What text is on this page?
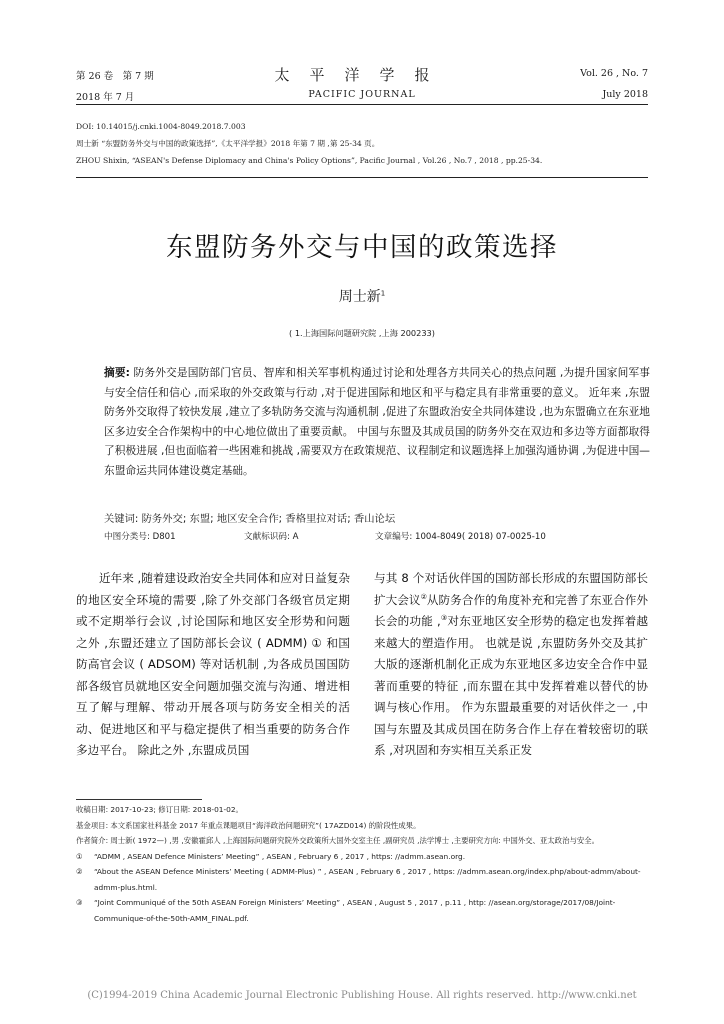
第 26 卷　第 7 期	太平洋学报	Vol. 26 , No. 7
2018 年 7 月	PACIFIC JOURNAL	July 2018
DOI: 10.14015/j.cnki.1004-8049.2018.7.003
周士新 “东盟防务外交与中国的政策选择”,《太平洋学报》2018 年第 7 期 ,第 25-34 页。
ZHOU Shixin, “ASEAN's Defense Diplomacy and China's Policy Options”, Pacific Journal , Vol.26 , No.7 , 2018 , pp.25-34.
东盟防务外交与中国的政策选择
周士新$^1$
( 1.上海国际问题研究院 ,上海 200233)
摘要: 防务外交是国防部门官员、智库和相关军事机构通过讨论和处理各方共同关心的热点问题 ,为提升国家间军事与安全信任和信心 ,而采取的外交政策与行动 ,对于促进国际和地区和平与稳定具有非常重要的意义。 近年来 ,东盟防务外交取得了较快发展 ,建立了多轨防务交流与沟通机制 ,促进了东盟政治安全共同体建设 ,也为东盟确立在东亚地区多边安全合作架构中的中心地位做出了重要贡献。 中国与东盟及其成员国的防务外交在双边和多边等方面都取得了积极进展 ,但也面临着一些困难和挑战 ,需要双方在政策规范、议程制定和议题选择上加强沟通协调 ,为促进中国—东盟命运共同体建设奠定基础。
关键词: 防务外交; 东盟; 地区安全合作; 香格里拉对话; 香山论坛
中图分类号: D801	文献标识码: A	文章编号: 1004-8049( 2018) 07-0025-10
近年来 ,随着建设政治安全共同体和应对日益复杂的地区安全环境的需要 ,除了外交部门各级官员定期或不定期举行会议 ,讨论国际和地区安全形势和问题之外 ,东盟还建立了国防部长会议 ( ADMM) ① 和国防高官会议 ( ADSOM) 等对话机制 ,为各成员国国防部各级官员就地区安全问题加强交流与沟通、增进相互了解与理解、带动开展各项与防务安全相关的活动、促进地区和平与稳定提供了相当重要的防务合作多边平台。 除此之外 ,东盟成员国
与其 8 个对话伙伴国的国防部长形成的东盟国防部长扩大会议②从防务合作的角度补充和完善了东亚合作外长会的功能 ,③对东亚地区安全形势的稳定也发挥着越来越大的塑造作用。 也就是说 ,东盟防务外交及其扩大版的逐渐机制化正成为东亚地区多边安全合作中显著而重要的特征 ,而东盟在其中发挥着难以替代的协调与核心作用。 作为东盟最重要的对话伙伴之一 ,中国与东盟及其成员国在防务合作上存在着较密切的联系 ,对巩固和夯实相互关系正发

收稿日期: 2017-10-23; 修订日期: 2018-01-02。

基金项目: 本文系国家社科基金 2017 年重点课题项目“海洋政治问题研究”( 17AZD014) 的阶段性成果。

作者简介: 周士新( 1972—) ,男 ,安徽霍邱人 ,上海国际问题研究院外交政策所大国外交室主任 ,副研究员 ,法学博士 ,主要研究方向: 中国外交、亚太政治与安全。

①	“ADMM , ASEAN Defence Ministers’ Meeting” , ASEAN , February 6 , 2017 , https: //admm.asean.org.
②	“About the ASEAN Defence Ministers’ Meeting ( ADMM-Plus) ” , ASEAN , February 6 , 2017 , https: //admm.asean.org/index.php/about-admm/about-admm-plus.html.
③	“Joint Communiqué of the 50th ASEAN Foreign Ministers’ Meeting” , ASEAN , August 5 , 2017 , p.11 , http: //asean.org/storage/2017/08/Joint-Communique-of-the-50th-AMM_FINAL.pdf.
(C)1994-2019 China Academic Journal Electronic Publishing House. All rights reserved. http://www.cnki.net
